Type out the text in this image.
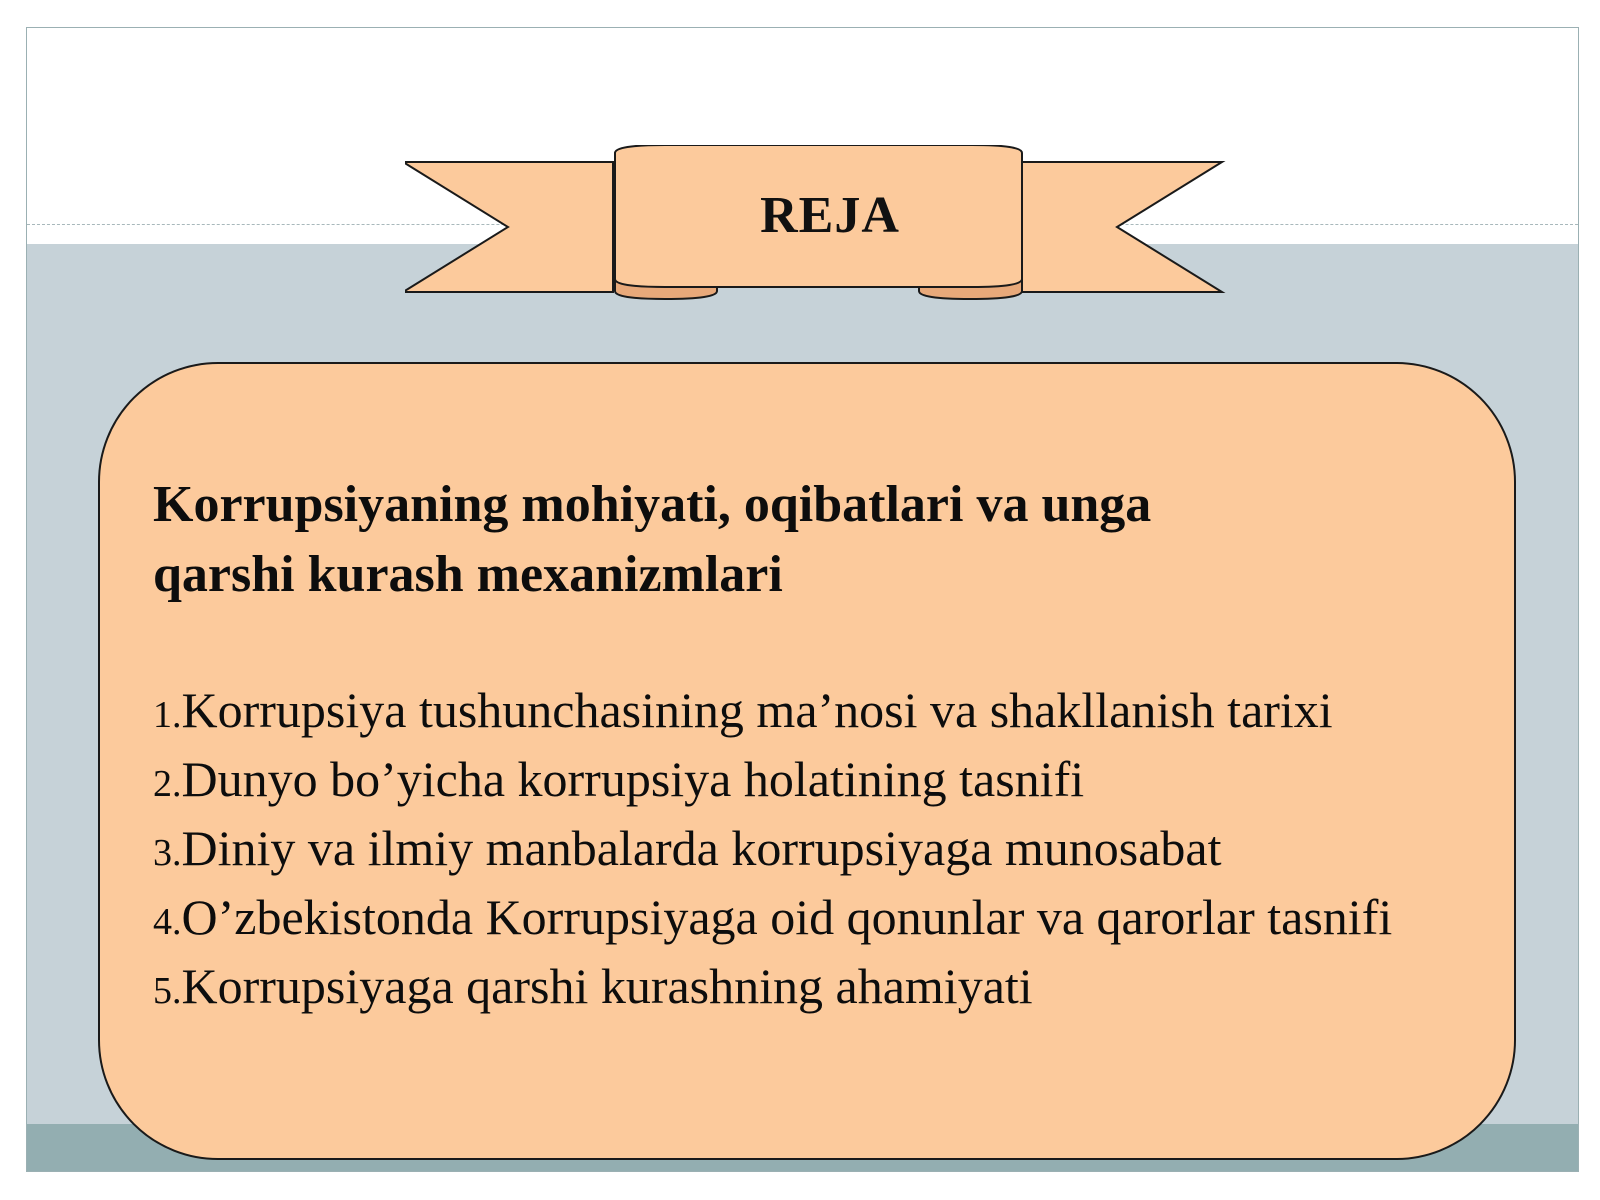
REJA
Korrupsiyaning mohiyati, oqibatlari va unga
qarshi kurash mexanizmlari
1.Korrupsiya tushunchasining ma’nosi va shakllanish tarixi
2.Dunyo bo’yicha korrupsiya holatining tasnifi
3.Diniy va ilmiy manbalarda korrupsiyaga munosabat
4.O’zbekistonda Korrupsiyaga oid qonunlar va qarorlar tasnifi
5.Korrupsiyaga qarshi kurashning ahamiyati
